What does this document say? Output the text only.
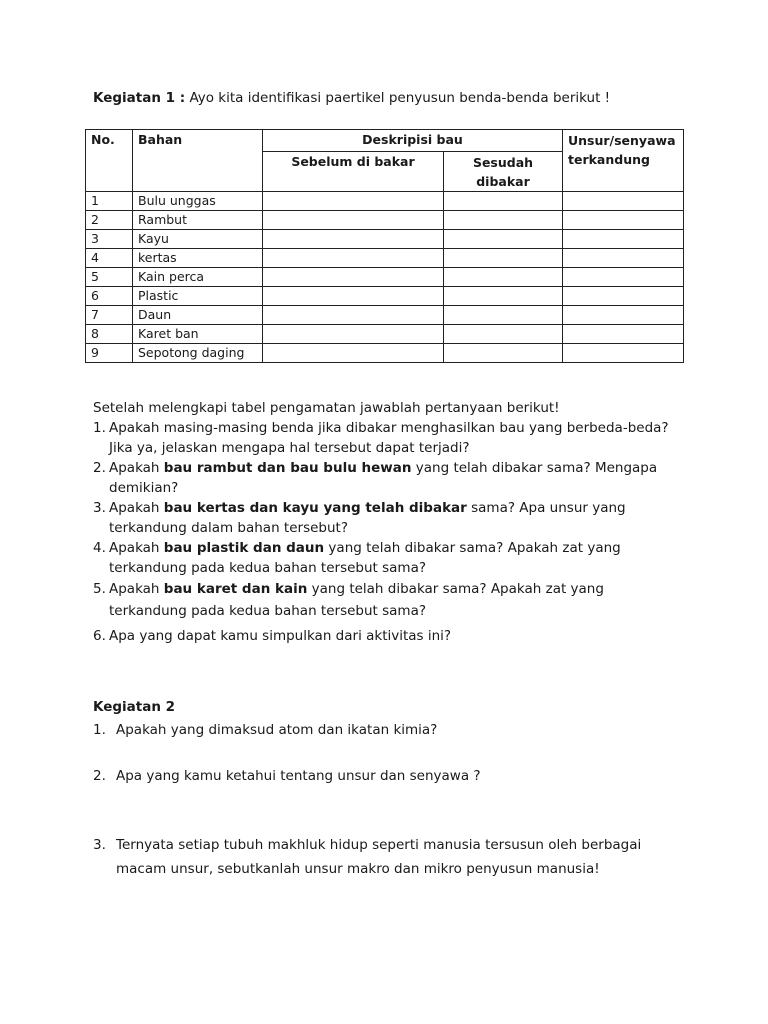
Kegiatan 1 : Ayo kita identifikasi paertikel penyusun benda-benda berikut !
No.	Bahan	Deskripisi bau		Unsur/senyawa terkandung
		Sebelum di bakar	Sesudah dibakar	
1	Bulu unggas			
2	Rambut			
3	Kayu			
4	kertas			
5	Kain perca			
6	Plastic			
7	Daun			
8	Karet ban			
9	Sepotong daging			
Setelah melengkapi tabel pengamatan jawablah pertanyaan berikut!
1. Apakah masing-masing benda jika dibakar menghasilkan bau yang berbeda-beda? Jika ya, jelaskan mengapa hal tersebut dapat terjadi?
2. Apakah bau rambut dan bau bulu hewan yang telah dibakar sama? Mengapa demikian?
3. Apakah bau kertas dan kayu yang telah dibakar sama? Apa unsur yang terkandung dalam bahan tersebut?
4. Apakah bau plastik dan daun yang telah dibakar sama? Apakah zat yang terkandung pada kedua bahan tersebut sama?
5. Apakah bau karet dan kain yang telah dibakar sama? Apakah zat yang terkandung pada kedua bahan tersebut sama?
6. Apa yang dapat kamu simpulkan dari aktivitas ini?
Kegiatan 2
1. Apakah yang dimaksud atom dan ikatan kimia?
2. Apa yang kamu ketahui tentang unsur dan senyawa ?
3. Ternyata setiap tubuh makhluk hidup seperti manusia tersusun oleh berbagai macam unsur, sebutkanlah unsur makro dan mikro penyusun manusia!
